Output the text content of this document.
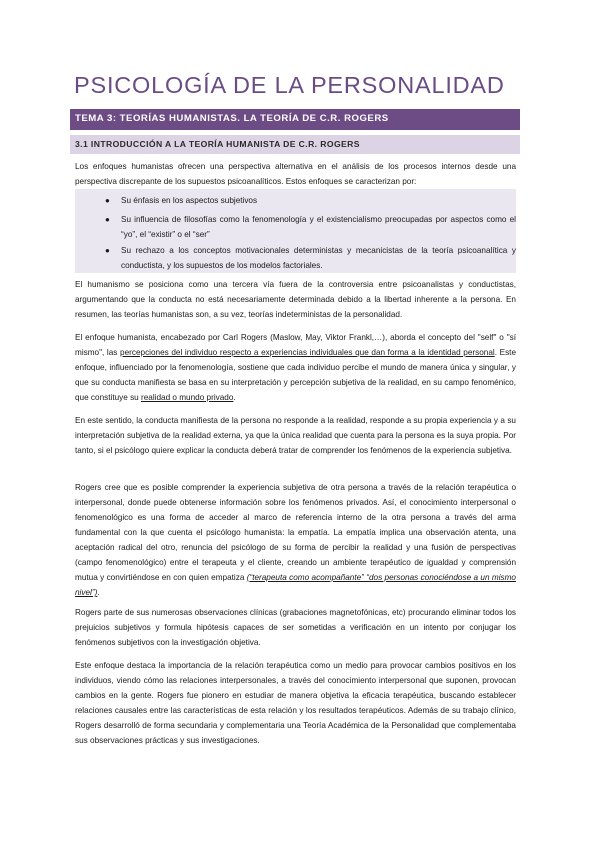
PSICOLOGÍA DE LA PERSONALIDAD
TEMA 3: TEORÍAS HUMANISTAS. LA TEORÍA DE C.R. ROGERS
3.1 INTRODUCCIÓN A LA TEORÍA HUMANISTA DE C.R. ROGERS

Los enfoques humanistas ofrecen una perspectiva alternativa en el análisis de los procesos internos desde una perspectiva discrepante de los supuestos psicoanalíticos. Estos enfoques se caracterizan por:

● Su énfasis en los aspectos subjetivos
● Su influencia de filosofías como la fenomenología y el existencialismo preocupadas por aspectos como el “yo”, el “existir” o el “ser”
● Su rechazo a los conceptos motivacionales deterministas y mecanicistas de la teoría psicoanalítica y conductista, y los supuestos de los modelos factoriales.

El humanismo se posiciona como una tercera vía fuera de la controversia entre psicoanalistas y conductistas, argumentando que la conducta no está necesariamente determinada debido a la libertad inherente a la persona. En resumen, las teorías humanistas son, a su vez, teorías indeterministas de la personalidad.

El enfoque humanista, encabezado por Carl Rogers (Maslow, May, Viktor Frankl,…), aborda el concepto del "self" o "sí mismo", las percepciones del individuo respecto a experiencias individuales que dan forma a la identidad personal. Este enfoque, influenciado por la fenomenología, sostiene que cada individuo percibe el mundo de manera única y singular, y que su conducta manifiesta se basa en su interpretación y percepción subjetiva de la realidad, en su campo fenoménico, que constituye su realidad o mundo privado.

En este sentido, la conducta manifiesta de la persona no responde a la realidad, responde a su propia experiencia y a su interpretación subjetiva de la realidad externa, ya que la única realidad que cuenta para la persona es la suya propia. Por tanto, si el psicólogo quiere explicar la conducta deberá tratar de comprender los fenómenos de la experiencia subjetiva.

Rogers cree que es posible comprender la experiencia subjetiva de otra persona a través de la relación terapéutica o interpersonal, donde puede obtenerse información sobre los fenómenos privados. Así, el conocimiento interpersonal o fenomenológico es una forma de acceder al marco de referencia interno de la otra persona a través del arma fundamental con la que cuenta el psicólogo humanista: la empatía. La empatía implica una observación atenta, una aceptación radical del otro, renuncia del psicólogo de su forma de percibir la realidad y una fusión de perspectivas (campo fenomenológico) entre el terapeuta y el cliente, creando un ambiente terapéutico de igualdad y comprensión mutua y convirtiéndose en con quien empatiza (“terapeuta como acompañante” “dos personas conociéndose a un mismo nivel”).

Rogers parte de sus numerosas observaciones clínicas (grabaciones magnetofónicas, etc) procurando eliminar todos los prejuicios subjetivos y formula hipótesis capaces de ser sometidas a verificación en un intento por conjugar los fenómenos subjetivos con la investigación objetiva.

Este enfoque destaca la importancia de la relación terapéutica como un medio para provocar cambios positivos en los individuos, viendo cómo las relaciones interpersonales, a través del conocimiento interpersonal que suponen, provocan cambios en la gente. Rogers fue pionero en estudiar de manera objetiva la eficacia terapéutica, buscando establecer relaciones causales entre las características de esta relación y los resultados terapéuticos. Además de su trabajo clínico, Rogers desarrolló de forma secundaria y complementaria una Teoría Académica de la Personalidad que complementaba sus observaciones prácticas y sus investigaciones.
